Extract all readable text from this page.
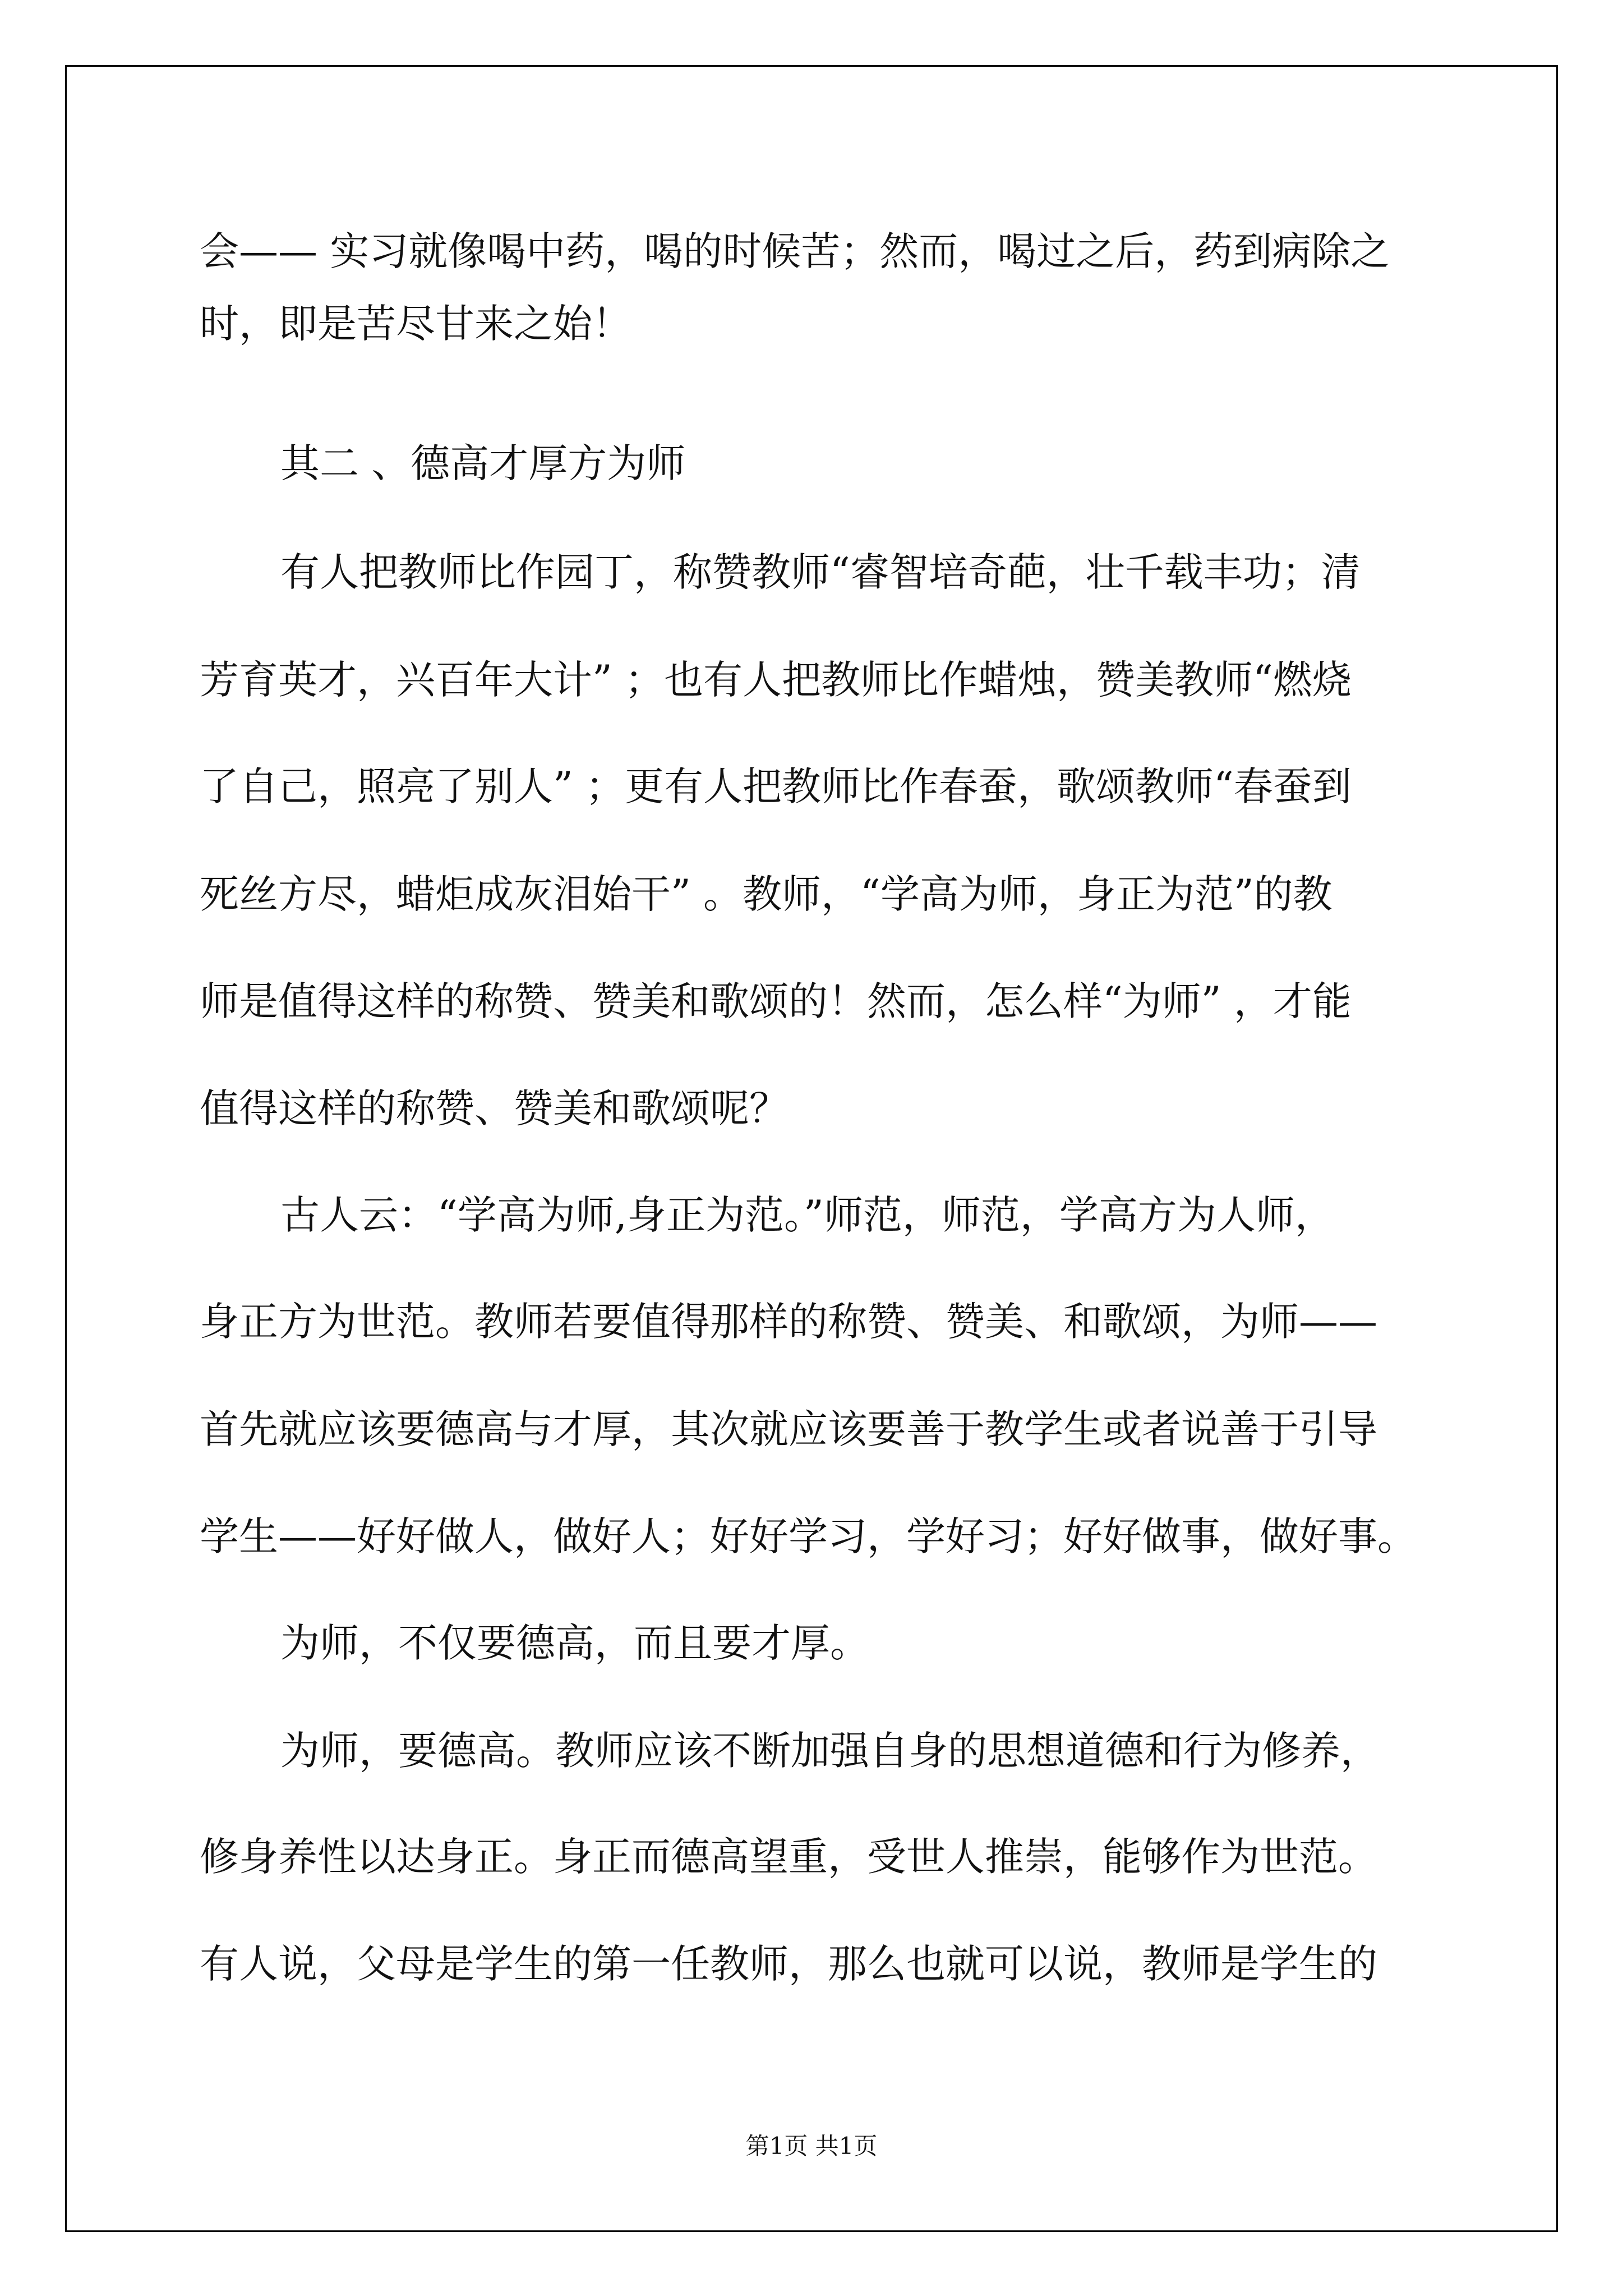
会—— 实习就像喝中药，喝的时候苦；然而，喝过之后，药到病除之
时，即是苦尽甘来之始！
其二 、德高才厚方为师
有人把教师比作园丁，称赞教师“睿智培奇葩，壮千载丰功；清
芳育英才，兴百年大计” ；也有人把教师比作蜡烛，赞美教师“燃烧
了自己，照亮了别人” ；更有人把教师比作春蚕，歌颂教师“春蚕到
死丝方尽，蜡炬成灰泪始干” 。教师，“学高为师，身正为范”的教
师是值得这样的称赞、赞美和歌颂的！然而，怎么样“为师” ，才能
值得这样的称赞、赞美和歌颂呢？
古人云：“学高为师,身正为范。”师范，师范，学高方为人师，
身正方为世范。教师若要值得那样的称赞、赞美、和歌颂，为师——
首先就应该要德高与才厚，其次就应该要善于教学生或者说善于引导
学生——好好做人，做好人；好好学习，学好习；好好做事，做好事。
为师，不仅要德高，而且要才厚。
为师，要德高。教师应该不断加强自身的思想道德和行为修养，
修身养性以达身正。身正而德高望重，受世人推崇，能够作为世范。
有人说，父母是学生的第一任教师，那么也就可以说，教师是学生的
第1页 共1页
